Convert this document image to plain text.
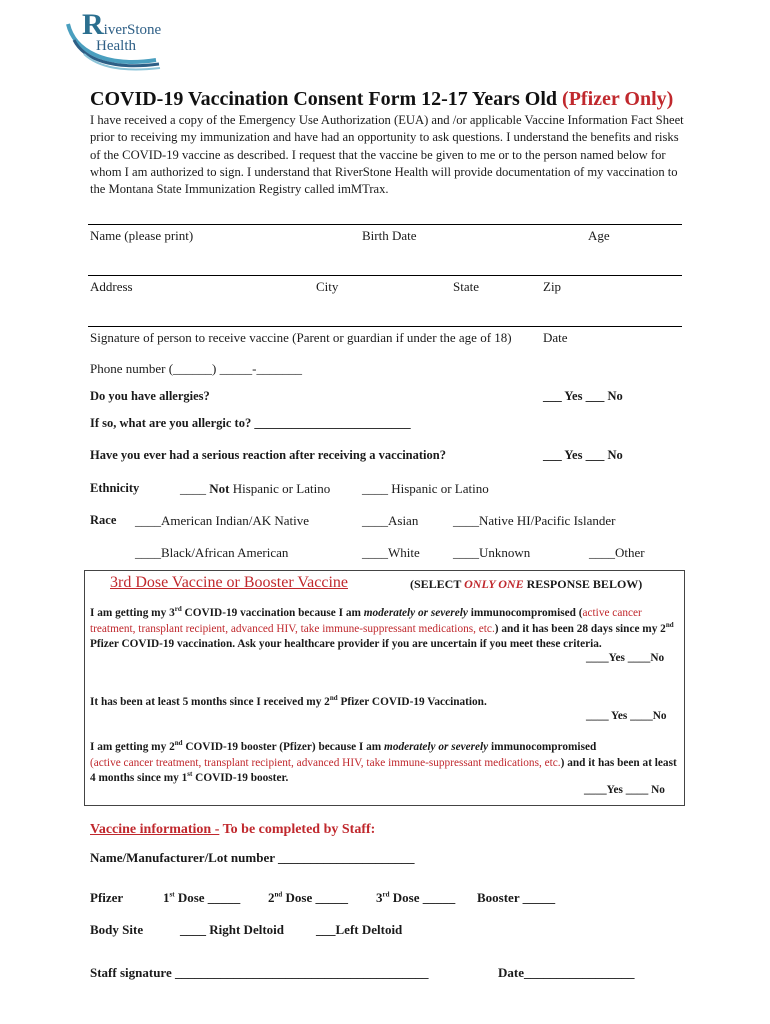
RiverStone
Health
COVID-19 Vaccination Consent Form 12-17 Years Old (Pfizer Only)
I have received a copy of the Emergency Use Authorization (EUA) and /or applicable Vaccine Information Fact Sheet prior to receiving my immunization and have had an opportunity to ask questions. I understand the benefits and risks of the COVID-19 vaccine as described. I request that the vaccine be given to me or to the person named below for whom I am authorized to sign. I understand that RiverStone Health will provide documentation of my vaccination to the Montana State Immunization Registry called imMTrax.
Name (please print)	Birth Date	Age
Address	City	State	Zip
Signature of person to receive vaccine (Parent or guardian if under the age of 18) Date
Phone number (______) _____-_______
Do you have allergies?	___ Yes ___ No
If so, what are you allergic to? _________________________
Have you ever had a serious reaction after receiving a vaccination?	___ Yes ___ No
Ethnicity	____ Not Hispanic or Latino ____ Hispanic or Latino
Race ____American Indian/AK Native	____Asian	____Native HI/Pacific Islander
____Black/African American	____White	____Unknown	____Other
3rd Dose Vaccine or Booster Vaccine	(SELECT ONLY ONE RESPONSE BELOW)
I am getting my 3rd COVID-19 vaccination because I am moderately or severely immunocompromised (active cancer treatment, transplant recipient, advanced HIV, take immune-suppressant medications, etc.) and it has been 28 days since my 2nd Pfizer COVID-19 vaccination. Ask your healthcare provider if you are uncertain if you meet these criteria.
____Yes ____No
It has been at least 5 months since I received my 2nd Pfizer COVID-19 Vaccination.
____ Yes ____No
I am getting my 2nd COVID-19 booster (Pfizer) because I am moderately or severely immunocompromised
(active cancer treatment, transplant recipient, advanced HIV, take immune-suppressant medications, etc.) and it has been at least 4 months since my 1st COVID-19 booster.
____Yes ____ No
Vaccine information - To be completed by Staff:
Name/Manufacturer/Lot number _____________________
Pfizer	1st Dose _____ 2nd Dose _____ 3rd Dose _____ Booster _____
Body Site	____ Right Deltoid ___Left Deltoid
Staff signature _______________________________________	Date_________________
